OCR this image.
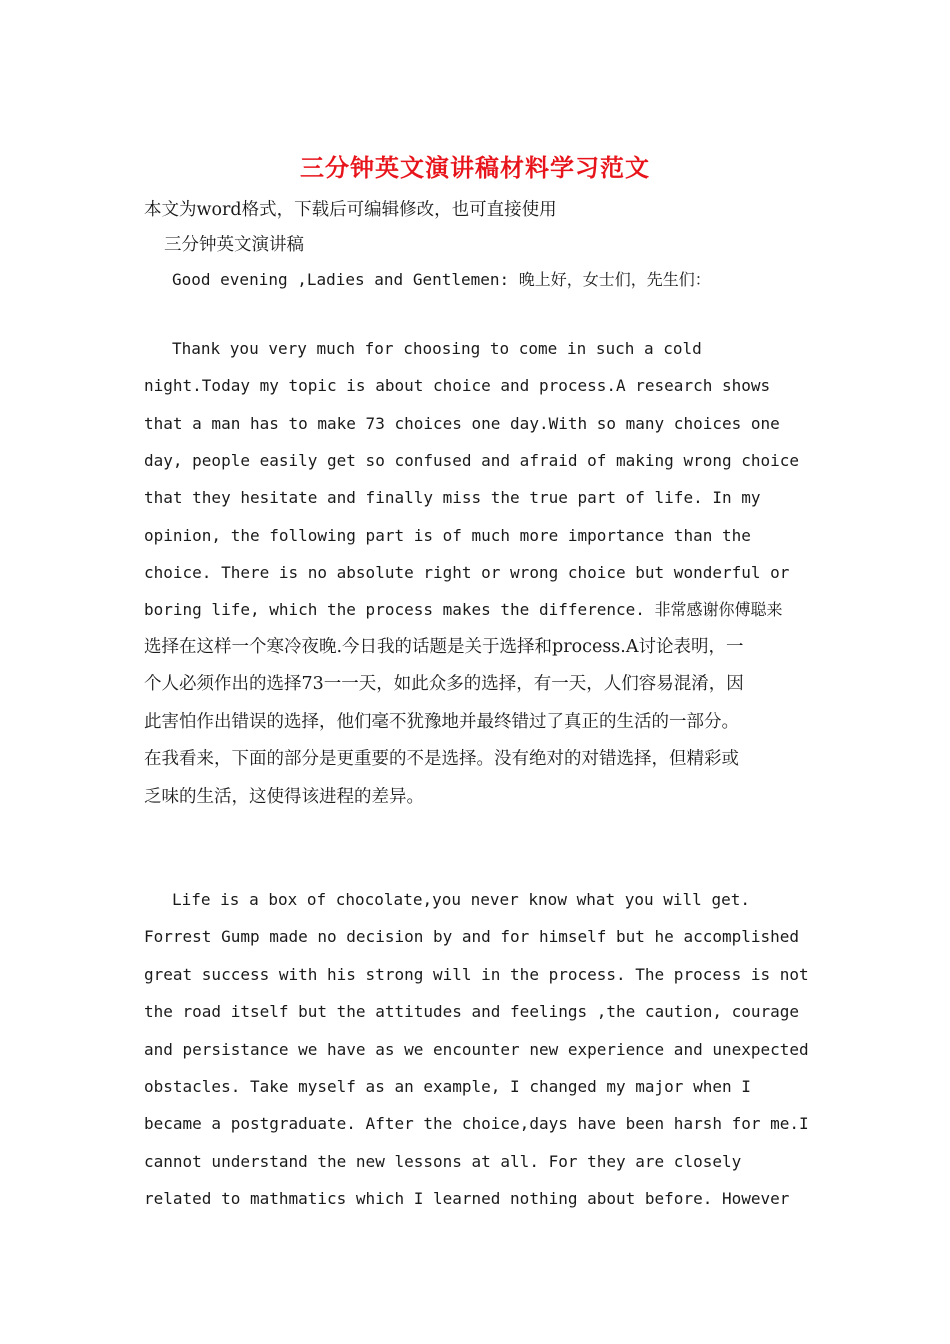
三分钟英文演讲稿材料学习范文
本文为word格式，下载后可编辑修改，也可直接使用
三分钟英文演讲稿
Good evening ,Ladies and Gentlemen: 晚上好，女士们，先生们：
Thank you very much for choosing to come in such a cold
night.Today my topic is about choice and process.A research shows
that a man has to make 73 choices one day.With so many choices one
day, people easily get so confused and afraid of making wrong choice
that they hesitate and finally miss the true part of life. In my
opinion, the following part is of much more importance than the
choice. There is no absolute right or wrong choice but wonderful or
boring life, which the process makes the difference. 非常感谢你傅聪来
选择在这样一个寒冷夜晚.今日我的话题是关于选择和process.A讨论表明，一
个人必须作出的选择73一一天，如此众多的选择，有一天，人们容易混淆，因
此害怕作出错误的选择，他们毫不犹豫地并最终错过了真正的生活的一部分。
在我看来，下面的部分是更重要的不是选择。没有绝对的对错选择，但精彩或
乏味的生活，这使得该进程的差异。
Life is a box of chocolate,you never know what you will get.
Forrest Gump made no decision by and for himself but he accomplished
great success with his strong will in the process. The process is not
the road itself but the attitudes and feelings ,the caution, courage
and persistance we have as we encounter new experience and unexpected
obstacles. Take myself as an example, I changed my major when I
became a postgraduate. After the choice,days have been harsh for me.I
cannot understand the new lessons at all. For they are closely
related to mathmatics which I learned nothing about before. However
